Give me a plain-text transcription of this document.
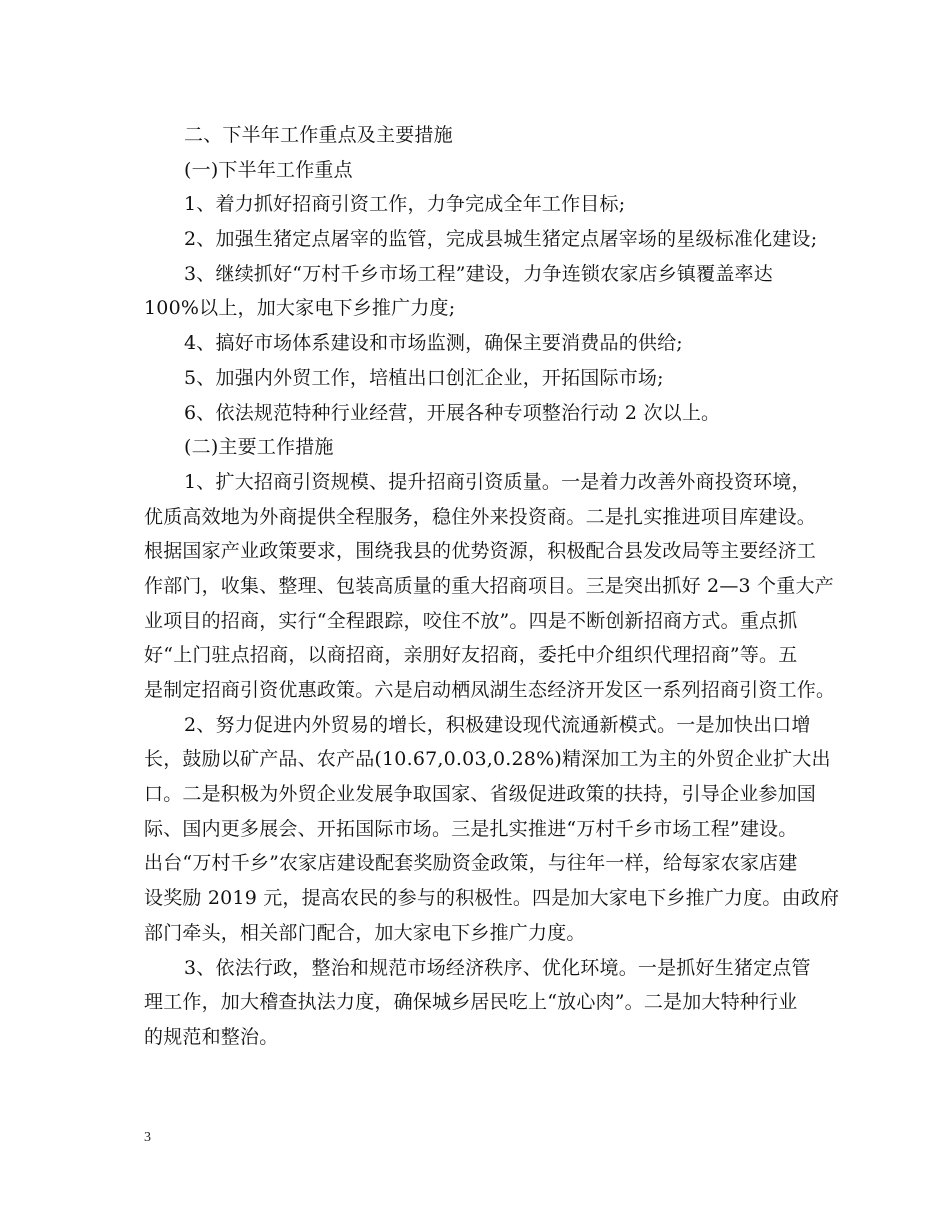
二、下半年工作重点及主要措施
(一)下半年工作重点
1、着力抓好招商引资工作，力争完成全年工作目标;
2、加强生猪定点屠宰的监管，完成县城生猪定点屠宰场的星级标准化建设;
3、继续抓好“万村千乡市场工程”建设，力争连锁农家店乡镇覆盖率达
100%以上，加大家电下乡推广力度;
4、搞好市场体系建设和市场监测，确保主要消费品的供给;
5、加强内外贸工作，培植出口创汇企业，开拓国际市场;
6、依法规范特种行业经营，开展各种专项整治行动 2 次以上。
(二)主要工作措施
1、扩大招商引资规模、提升招商引资质量。一是着力改善外商投资环境，
优质高效地为外商提供全程服务，稳住外来投资商。二是扎实推进项目库建设。
根据国家产业政策要求，围绕我县的优势资源，积极配合县发改局等主要经济工
作部门，收集、整理、包装高质量的重大招商项目。三是突出抓好 2—3 个重大产
业项目的招商，实行“全程跟踪，咬住不放”。四是不断创新招商方式。重点抓
好“上门驻点招商，以商招商，亲朋好友招商，委托中介组织代理招商”等。五
是制定招商引资优惠政策。六是启动栖凤湖生态经济开发区一系列招商引资工作。
2、努力促进内外贸易的增长，积极建设现代流通新模式。一是加快出口增
长，鼓励以矿产品、农产品(10.67,0.03,0.28%)精深加工为主的外贸企业扩大出
口。二是积极为外贸企业发展争取国家、省级促进政策的扶持，引导企业参加国
际、国内更多展会、开拓国际市场。三是扎实推进“万村千乡市场工程”建设。
出台“万村千乡”农家店建设配套奖励资金政策，与往年一样，给每家农家店建
设奖励 2019 元，提高农民的参与的积极性。四是加大家电下乡推广力度。由政府
部门牵头，相关部门配合，加大家电下乡推广力度。
3、依法行政，整治和规范市场经济秩序、优化环境。一是抓好生猪定点管
理工作，加大稽查执法力度，确保城乡居民吃上“放心肉”。二是加大特种行业
的规范和整治。
3
